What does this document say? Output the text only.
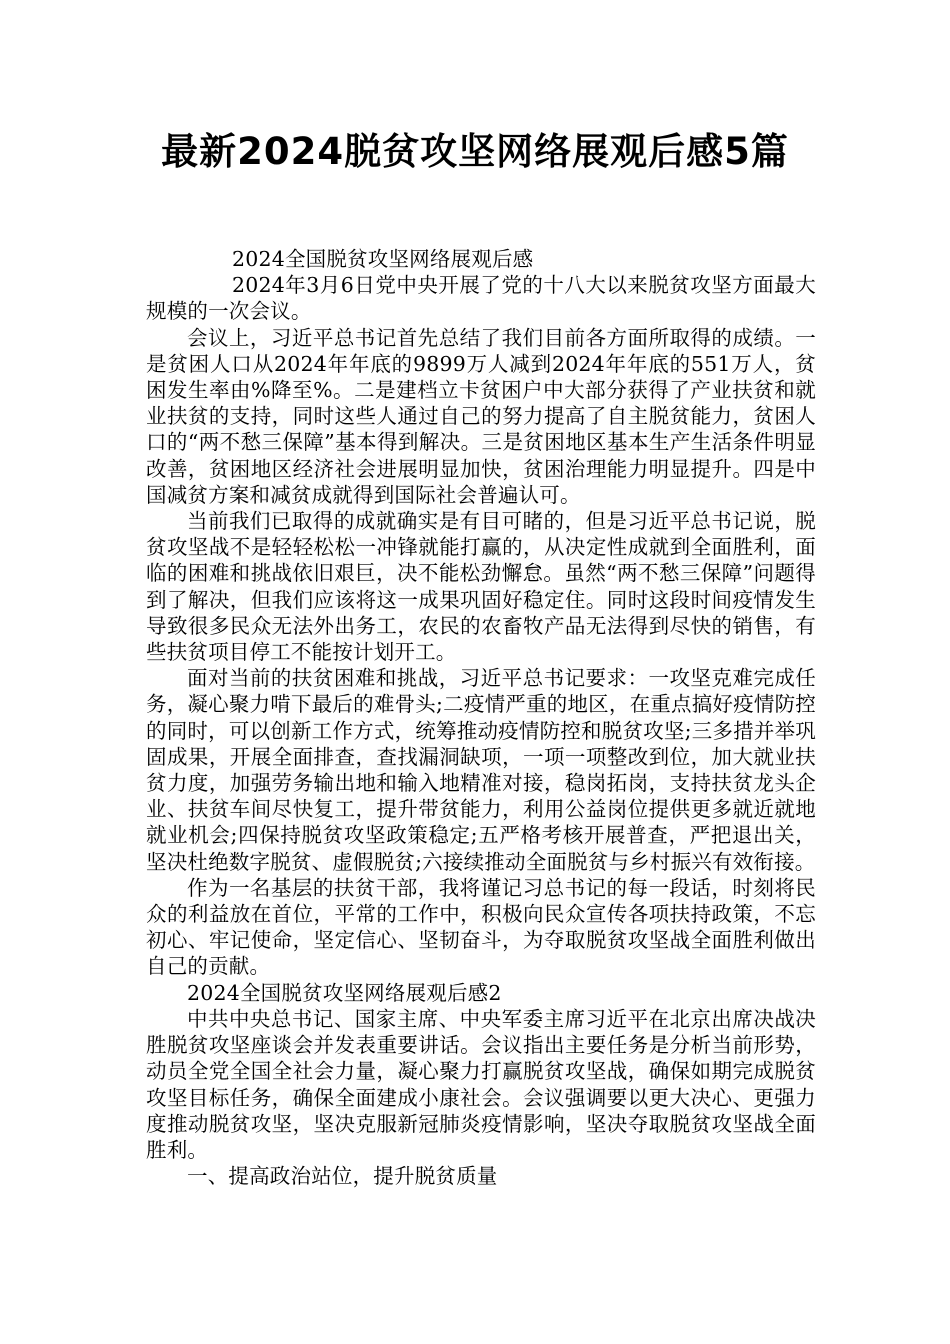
最新2024脱贫攻坚网络展观后感5篇

2024全国脱贫攻坚网络展观后感

2024年3月6日党中央开展了党的十八大以来脱贫攻坚方面最大规模的一次会议。

会议上，习近平总书记首先总结了我们目前各方面所取得的成绩。一是贫困人口从2024年年底的9899万人减到2024年年底的551万人，贫困发生率由%降至%。二是建档立卡贫困户中大部分获得了产业扶贫和就业扶贫的支持，同时这些人通过自己的努力提高了自主脱贫能力，贫困人口的“两不愁三保障”基本得到解决。三是贫困地区基本生产生活条件明显改善，贫困地区经济社会进展明显加快，贫困治理能力明显提升。四是中国减贫方案和减贫成就得到国际社会普遍认可。

当前我们已取得的成就确实是有目可睹的，但是习近平总书记说，脱贫攻坚战不是轻轻松松一冲锋就能打赢的，从决定性成就到全面胜利，面临的困难和挑战依旧艰巨，决不能松劲懈怠。虽然“两不愁三保障”问题得到了解决，但我们应该将这一成果巩固好稳定住。同时这段时间疫情发生导致很多民众无法外出务工，农民的农畜牧产品无法得到尽快的销售，有些扶贫项目停工不能按计划开工。

面对当前的扶贫困难和挑战，习近平总书记要求：一攻坚克难完成任务，凝心聚力啃下最后的难骨头;二疫情严重的地区，在重点搞好疫情防控的同时，可以创新工作方式，统筹推动疫情防控和脱贫攻坚;三多措并举巩固成果，开展全面排查，查找漏洞缺项，一项一项整改到位，加大就业扶贫力度，加强劳务输出地和输入地精准对接，稳岗拓岗，支持扶贫龙头企业、扶贫车间尽快复工，提升带贫能力，利用公益岗位提供更多就近就地就业机会;四保持脱贫攻坚政策稳定;五严格考核开展普查，严把退出关，坚决杜绝数字脱贫、虚假脱贫;六接续推动全面脱贫与乡村振兴有效衔接。

作为一名基层的扶贫干部，我将谨记习总书记的每一段话，时刻将民众的利益放在首位，平常的工作中，积极向民众宣传各项扶持政策，不忘初心、牢记使命，坚定信心、坚韧奋斗，为夺取脱贫攻坚战全面胜利做出自己的贡献。

2024全国脱贫攻坚网络展观后感2

中共中央总书记、国家主席、中央军委主席习近平在北京出席决战决胜脱贫攻坚座谈会并发表重要讲话。会议指出主要任务是分析当前形势，动员全党全国全社会力量，凝心聚力打赢脱贫攻坚战，确保如期完成脱贫攻坚目标任务，确保全面建成小康社会。会议强调要以更大决心、更强力度推动脱贫攻坚，坚决克服新冠肺炎疫情影响，坚决夺取脱贫攻坚战全面胜利。

一、提高政治站位，提升脱贫质量
